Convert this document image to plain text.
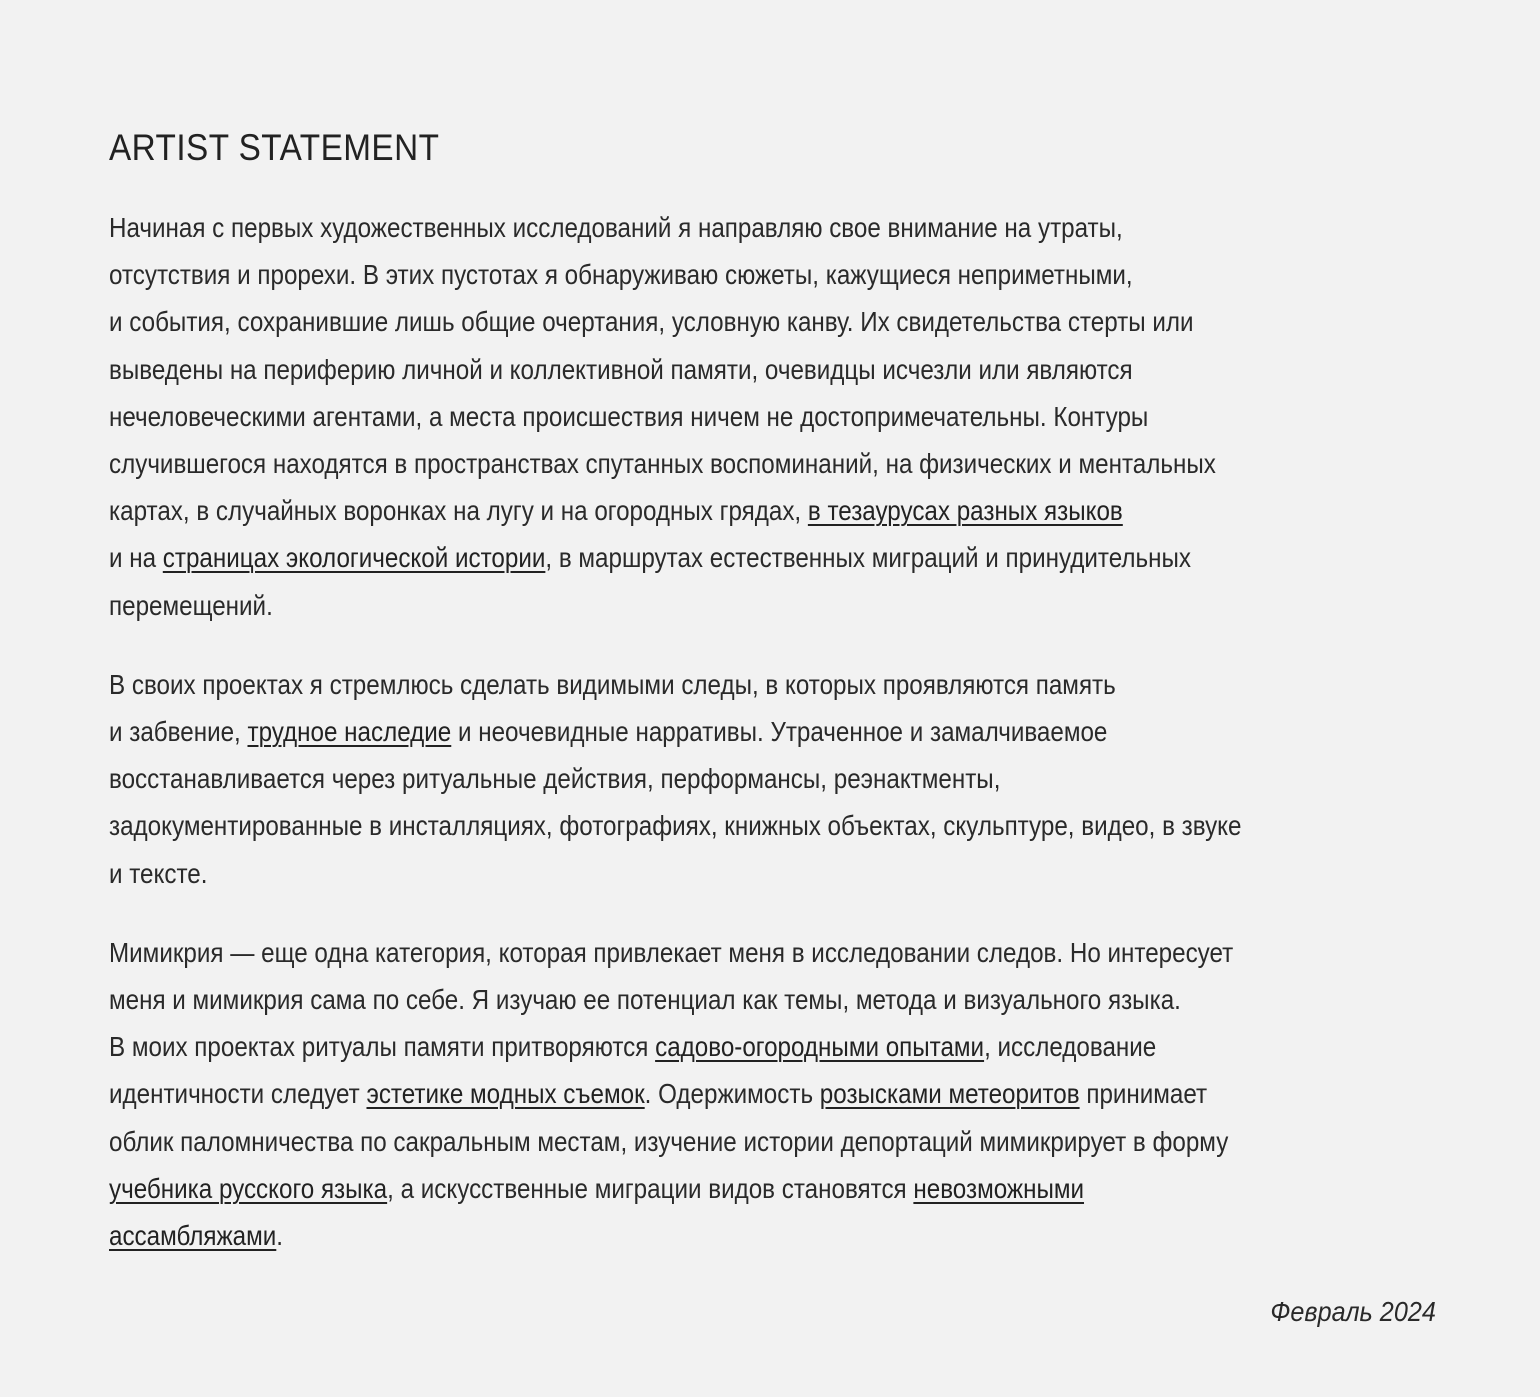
ARTIST STATEMENT

Начиная с первых художественных исследований я направляю свое внимание на утраты,
отсутствия и прорехи. В этих пустотах я обнаруживаю сюжеты, кажущиеся неприметными,
и события, сохранившие лишь общие очертания, условную канву. Их свидетельства стерты или
выведены на периферию личной и коллективной памяти, очевидцы исчезли или являются
нечеловеческими агентами, а места происшествия ничем не достопримечательны. Контуры
случившегося находятся в пространствах спутанных воспоминаний, на физических и ментальных
картах, в случайных воронках на лугу и на огородных грядах, в тезаурусах разных языков
и на страницах экологической истории, в маршрутах естественных миграций и принудительных
перемещений.

В своих проектах я стремлюсь сделать видимыми следы, в которых проявляются память
и забвение, трудное наследие и неочевидные нарративы. Утраченное и замалчиваемое
восстанавливается через ритуальные действия, перформансы, реэнактменты,
задокументированные в инсталляциях, фотографиях, книжных объектах, скульптуре, видео, в звуке
и тексте.

Мимикрия — еще одна категория, которая привлекает меня в исследовании следов. Но интересует
меня и мимикрия сама по себе. Я изучаю ее потенциал как темы, метода и визуального языка.
В моих проектах ритуалы памяти притворяются садово-огородными опытами, исследование
идентичности следует эстетике модных съемок. Одержимость розысками метеоритов принимает
облик паломничества по сакральным местам, изучение истории депортаций мимикрирует в форму
учебника русского языка, а искусственные миграции видов становятся невозможными
ассамбляжами.

Февраль 2024
